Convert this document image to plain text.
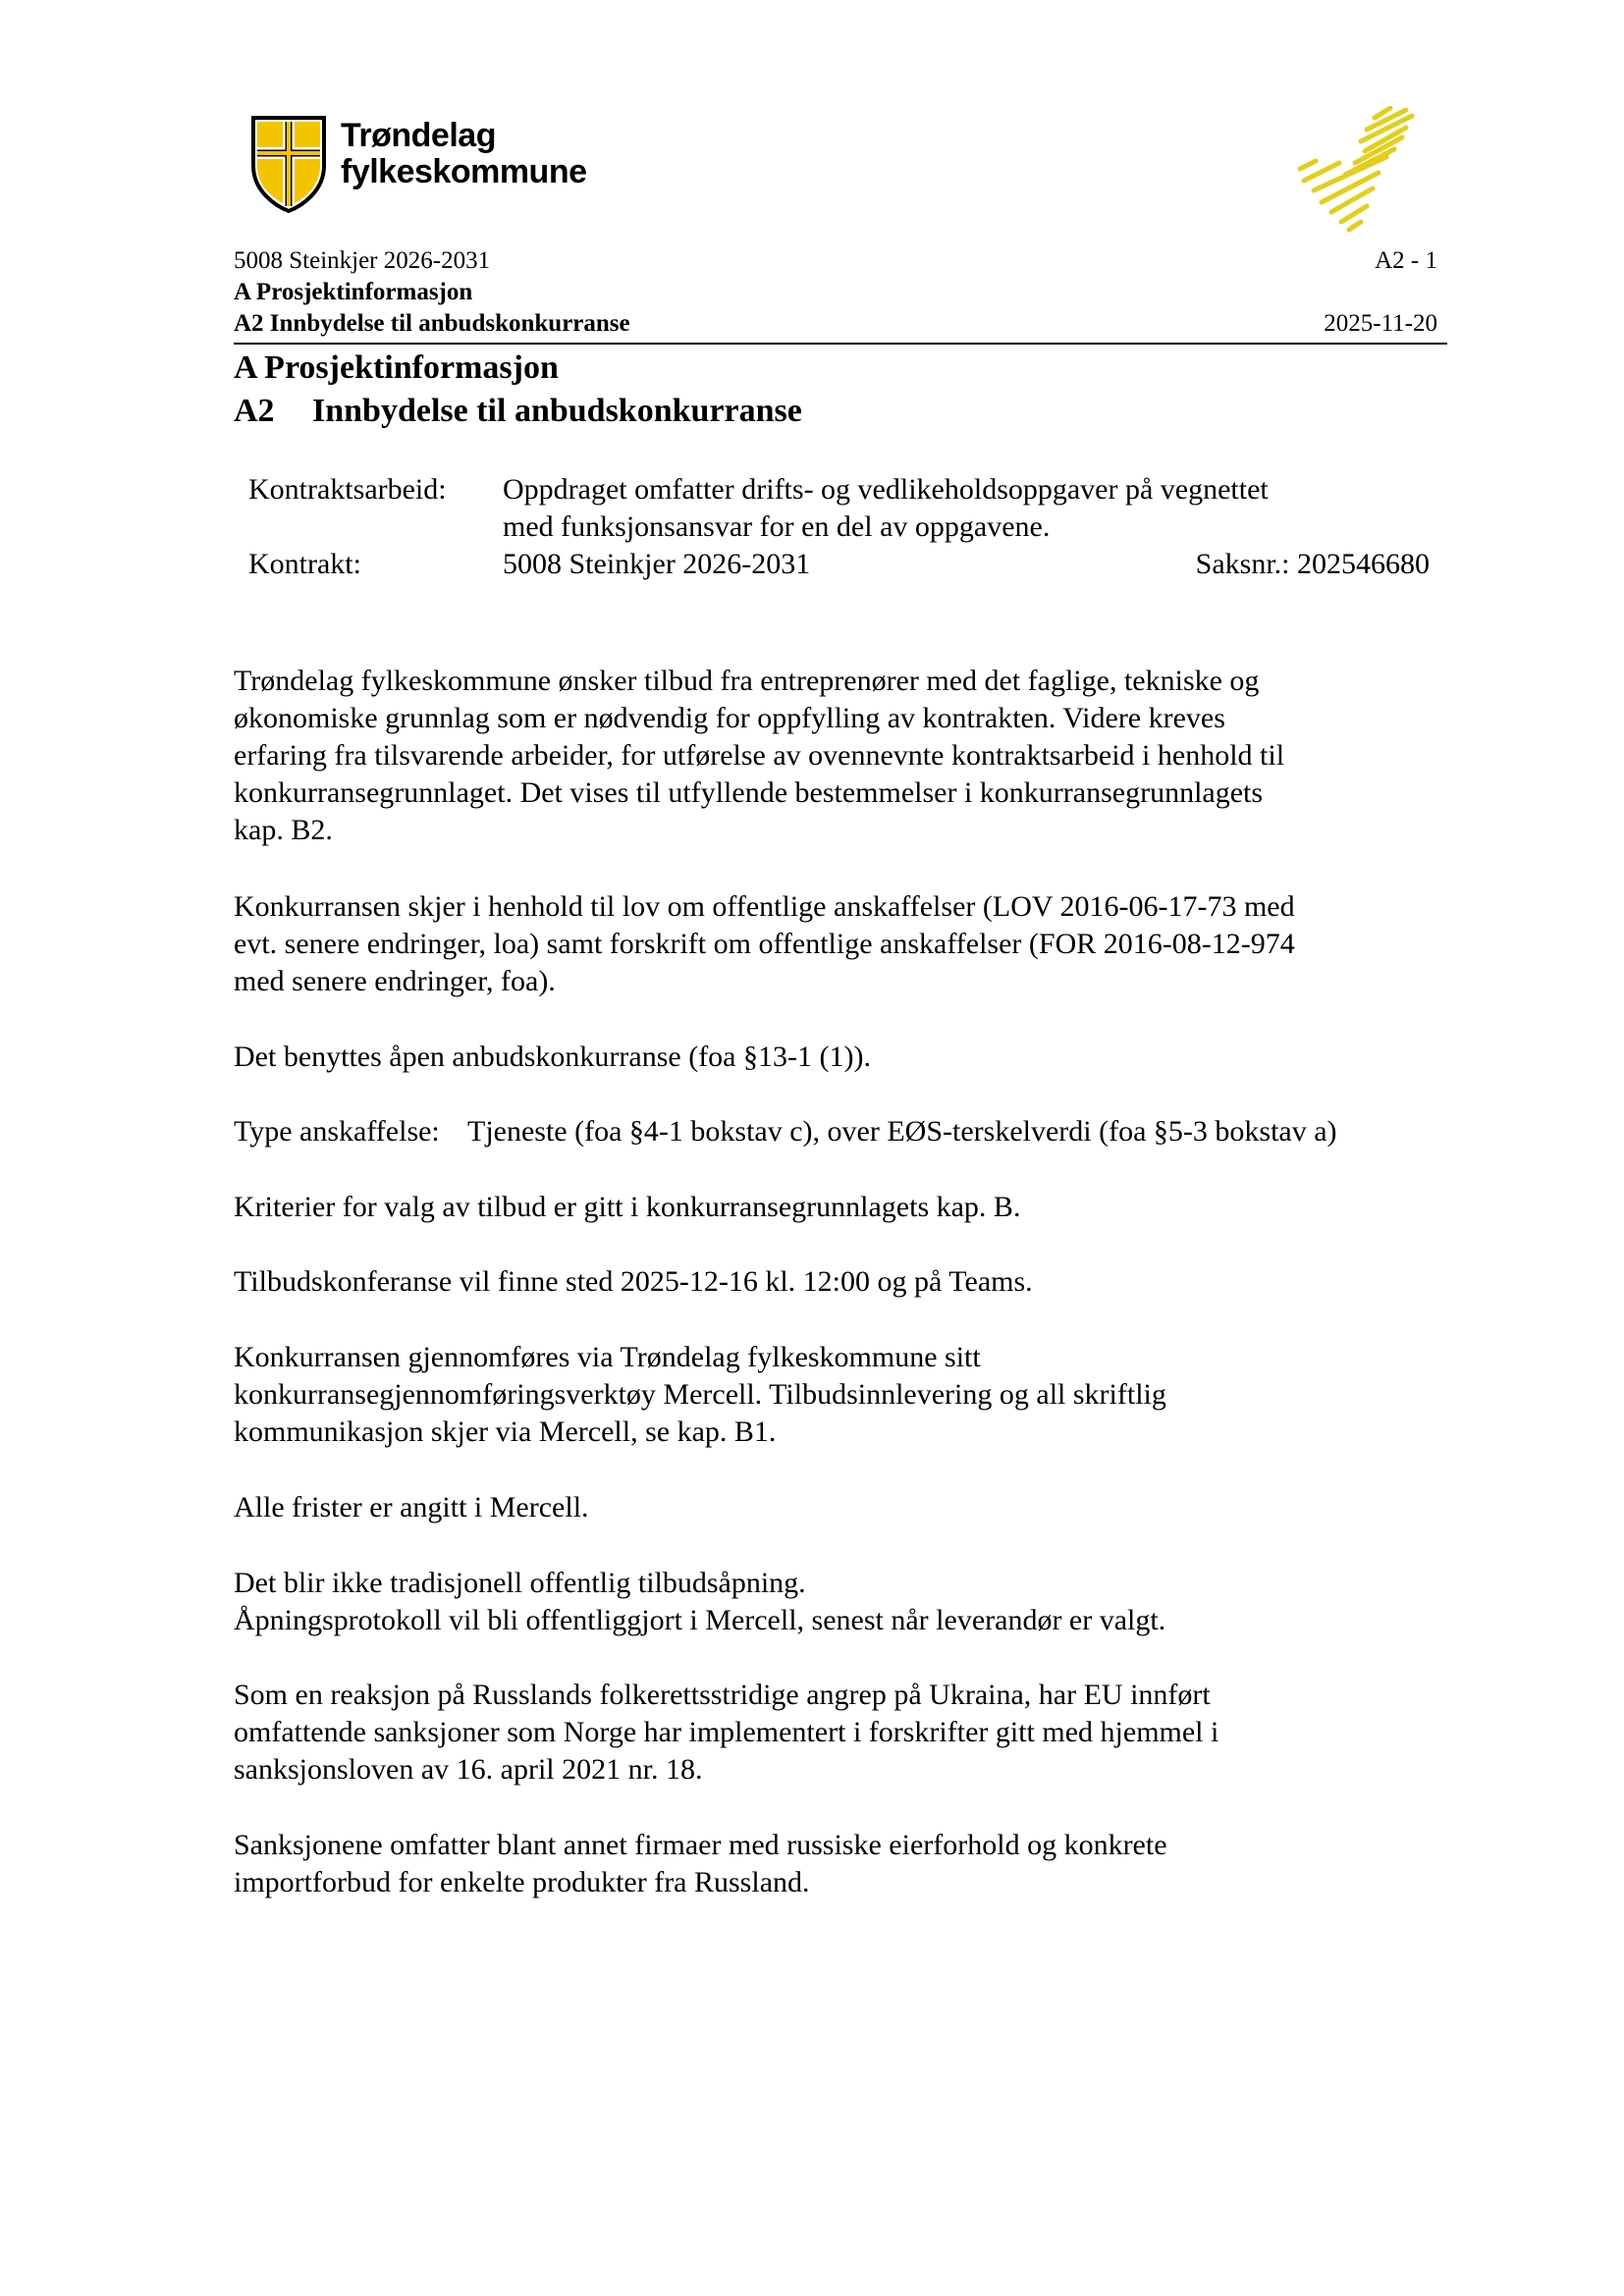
Trøndelag
fylkeskommune
5008 Steinkjer 2026-2031
A Prosjektinformasjon
A2 Innbydelse til anbudskonkurranse
A2 - 1
2025-11-20
A Prosjektinformasjon
A2 Innbydelse til anbudskonkurranse
Kontraktsarbeid: Oppdraget omfatter drifts- og vedlikeholdsoppgaver på vegnettet
med funksjonsansvar for en del av oppgavene.
Kontrakt:	5008 Steinkjer 2026-2031	Saksnr.: 202546680

Trøndelag fylkeskommune ønsker tilbud fra entreprenører med det faglige, tekniske og

økonomiske grunnlag som er nødvendig for oppfylling av kontrakten. Videre kreves

erfaring fra tilsvarende arbeider, for utførelse av ovennevnte kontraktsarbeid i henhold til

konkurransegrunnlaget. Det vises til utfyllende bestemmelser i konkurransegrunnlagets

kap. B2.

Konkurransen skjer i henhold til lov om offentlige anskaffelser (LOV 2016-06-17-73 med

evt. senere endringer, loa) samt forskrift om offentlige anskaffelser (FOR 2016-08-12-974

med senere endringer, foa).

Det benyttes åpen anbudskonkurranse (foa §13-1 (1)).

Type anskaffelse: Tjeneste (foa §4-1 bokstav c), over EØS-terskelverdi (foa §5-3 bokstav a)

Kriterier for valg av tilbud er gitt i konkurransegrunnlagets kap. B.

Tilbudskonferanse vil finne sted 2025-12-16 kl. 12:00 og på Teams.

Konkurransen gjennomføres via Trøndelag fylkeskommune sitt

konkurransegjennomføringsverktøy Mercell. Tilbudsinnlevering og all skriftlig

kommunikasjon skjer via Mercell, se kap. B1.

Alle frister er angitt i Mercell.

Det blir ikke tradisjonell offentlig tilbudsåpning.

Åpningsprotokoll vil bli offentliggjort i Mercell, senest når leverandør er valgt.

Som en reaksjon på Russlands folkerettsstridige angrep på Ukraina, har EU innført

omfattende sanksjoner som Norge har implementert i forskrifter gitt med hjemmel i

sanksjonsloven av 16. april 2021 nr. 18.

Sanksjonene omfatter blant annet firmaer med russiske eierforhold og konkrete

importforbud for enkelte produkter fra Russland.
